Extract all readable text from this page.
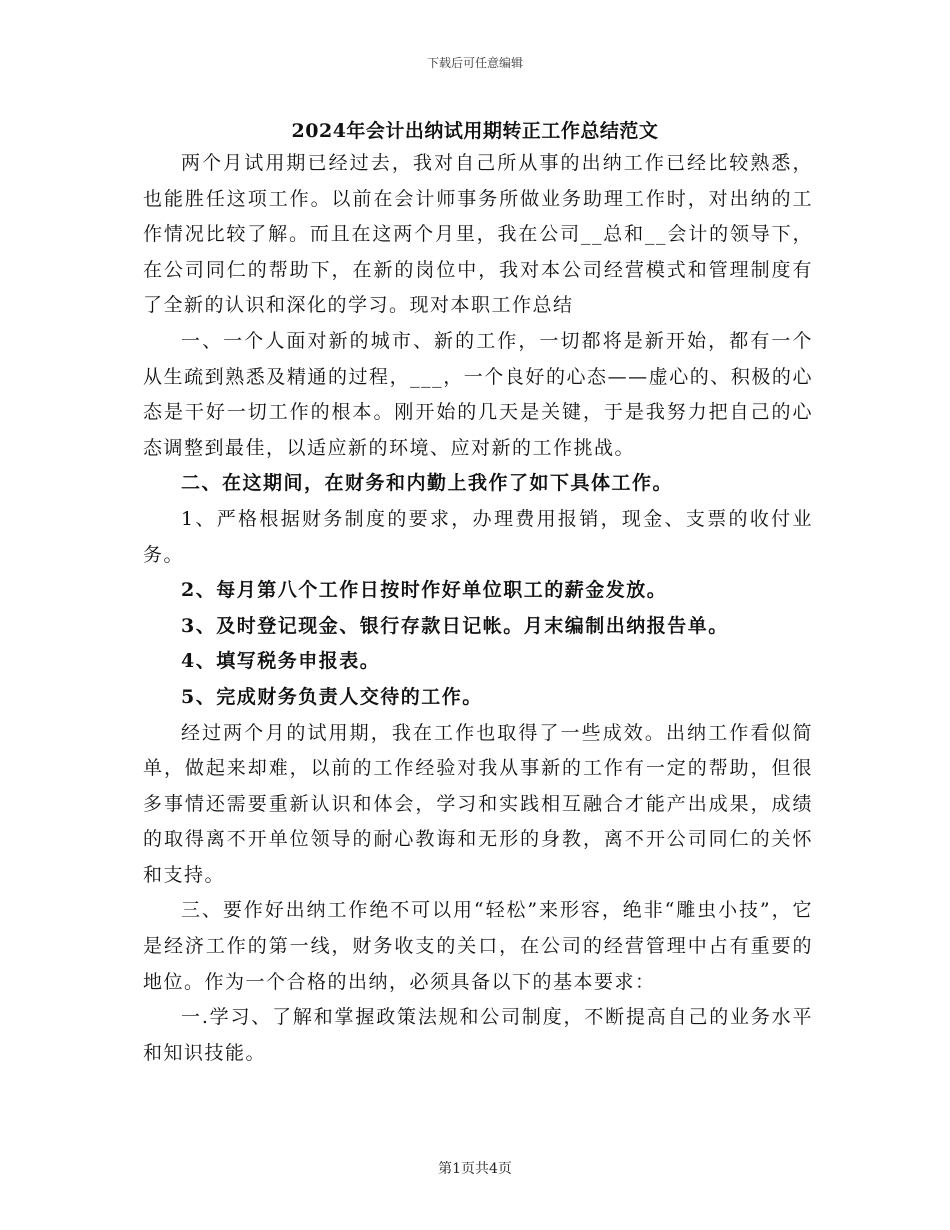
下载后可任意编辑
2024年会计出纳试用期转正工作总结范文

两个月试用期已经过去，我对自己所从事的出纳工作已经比较熟悉，也能胜任这项工作。以前在会计师事务所做业务助理工作时，对出纳的工作情况比较了解。而且在这两个月里，我在公司__总和__会计的领导下，在公司同仁的帮助下，在新的岗位中，我对本公司经营模式和管理制度有了全新的认识和深化的学习。现对本职工作总结

一、一个人面对新的城市、新的工作，一切都将是新开始，都有一个从生疏到熟悉及精通的过程，___，一个良好的心态——虚心的、积极的心态是干好一切工作的根本。刚开始的几天是关键，于是我努力把自己的心态调整到最佳，以适应新的环境、应对新的工作挑战。

二、在这期间，在财务和内勤上我作了如下具体工作。

1、严格根据财务制度的要求，办理费用报销，现金、支票的收付业务。

2、每月第八个工作日按时作好单位职工的薪金发放。

3、及时登记现金、银行存款日记帐。月末编制出纳报告单。

4、填写税务申报表。

5、完成财务负责人交待的工作。

经过两个月的试用期，我在工作也取得了一些成效。出纳工作看似简单，做起来却难，以前的工作经验对我从事新的工作有一定的帮助，但很多事情还需要重新认识和体会，学习和实践相互融合才能产出成果，成绩的取得离不开单位领导的耐心教诲和无形的身教，离不开公司同仁的关怀和支持。

三、要作好出纳工作绝不可以用“轻松”来形容，绝非“雕虫小技”，它是经济工作的第一线，财务收支的关口，在公司的经营管理中占有重要的地位。作为一个合格的出纳，必须具备以下的基本要求：

一.学习、了解和掌握政策法规和公司制度，不断提高自己的业务水平和知识技能。

第1页共4页
